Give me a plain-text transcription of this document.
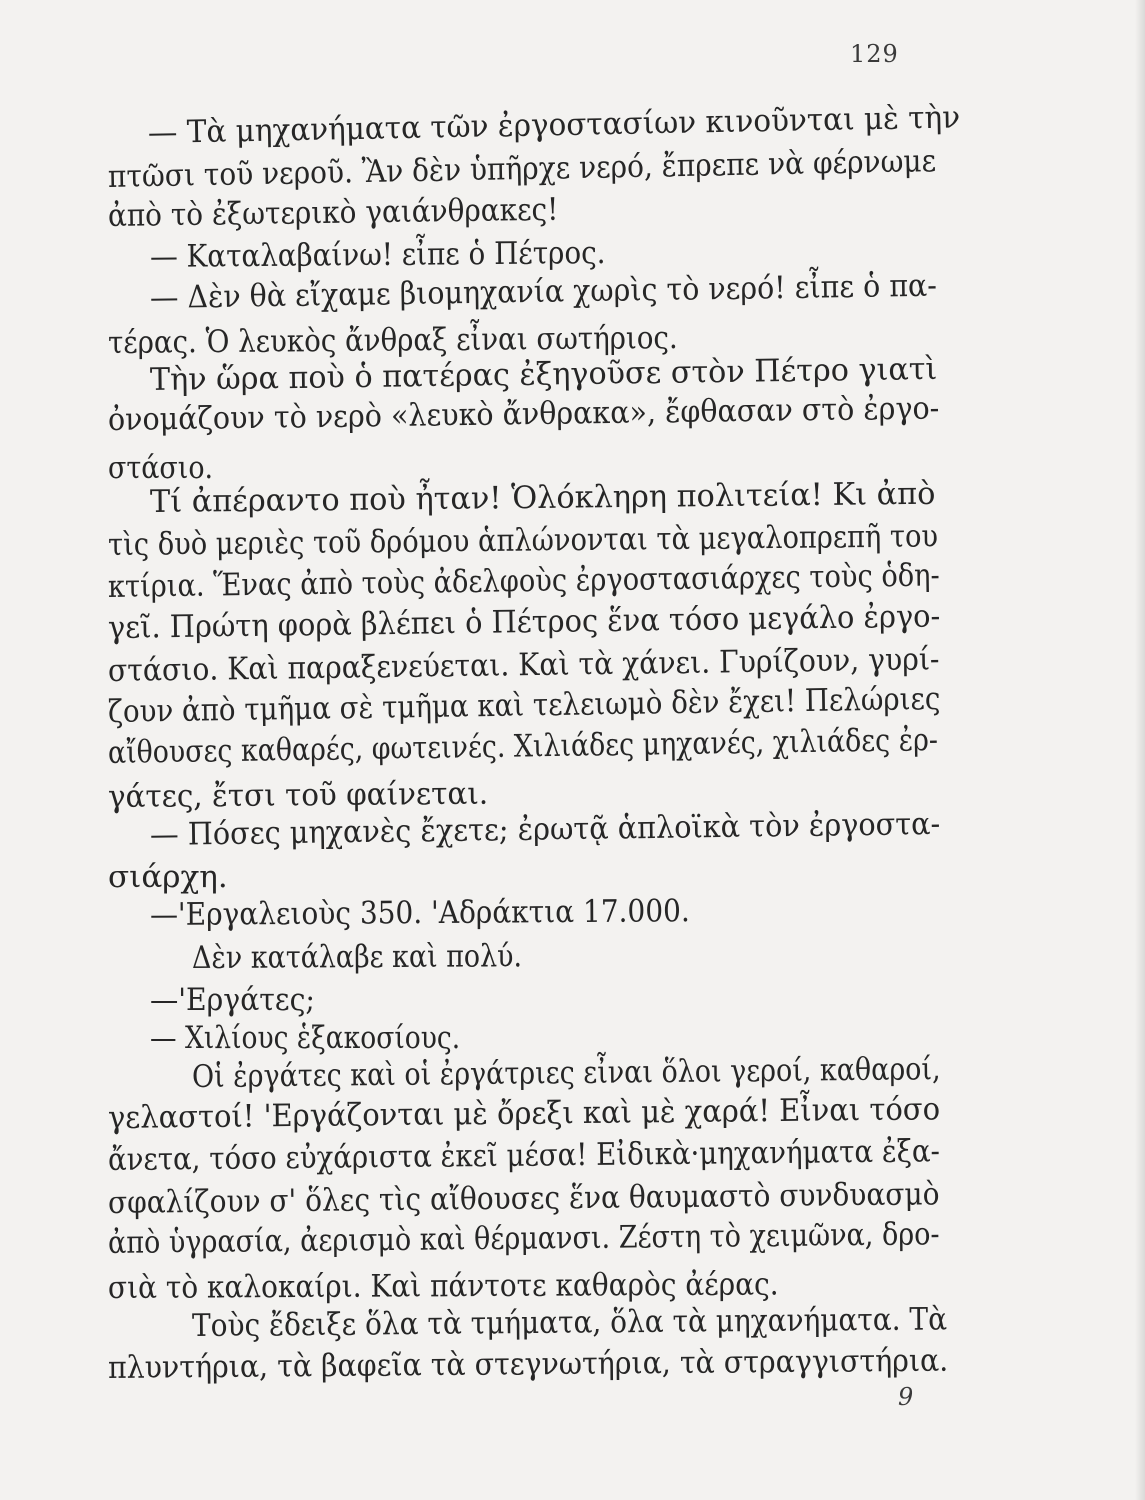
129
— Τὰ μηχανήματα τῶν ἐργοστασίων κινοῦνται μὲ τὴν
πτῶσι τοῦ νεροῦ. Ἂν δὲν ὑπῆρχε νερό, ἔπρεπε νὰ φέρνωμε
ἀπὸ τὸ ἐξωτερικὸ γαιάνθρακες!
— Καταλαβαίνω! εἶπε ὁ Πέτρος.
— Δὲν θὰ εἴχαμε βιομηχανία χωρὶς τὸ νερό! εἶπε ὁ πα-
τέρας. Ὁ λευκὸς ἄνθραξ εἶναι σωτήριος.
Τὴν ὥρα ποὺ ὁ πατέρας ἐξηγοῦσε στὸν Πέτρο γιατὶ
ὀνομάζουν τὸ νερὸ «λευκὸ ἄνθρακα», ἔφθασαν στὸ ἐργο-
στάσιο.
Τί ἀπέραντο ποὺ ἦταν! Ὁλόκληρη πολιτεία! Κι ἀπὸ
τὶς δυὸ μεριὲς τοῦ δρόμου ἁπλώνονται τὰ μεγαλοπρεπῆ του
κτίρια. Ἕνας ἀπὸ τοὺς ἀδελφοὺς ἐργοστασιάρχες τοὺς ὁδη-
γεῖ. Πρώτη φορὰ βλέπει ὁ Πέτρος ἕνα τόσο μεγάλο ἐργο-
στάσιο. Καὶ παραξενεύεται. Καὶ τὰ χάνει. Γυρίζουν, γυρί-
ζουν ἀπὸ τμῆμα σὲ τμῆμα καὶ τελειωμὸ δὲν ἔχει! Πελώριες
αἴθουσες καθαρές, φωτεινές. Χιλιάδες μηχανές, χιλιάδες ἐρ-
γάτες, ἔτσι τοῦ φαίνεται.
— Πόσες μηχανὲς ἔχετε; ἐρωτᾷ ἁπλοϊκὰ τὸν ἐργοστα-
σιάρχη.
—'Εργαλειοὺς 350. 'Αδράκτια 17.000.
Δὲν κατάλαβε καὶ πολύ.
—'Εργάτες;
— Χιλίους ἑξακοσίους.
Οἱ ἐργάτες καὶ οἱ ἐργάτριες εἶναι ὅλοι γεροί, καθαροί,
γελαστοί! 'Εργάζονται μὲ ὄρεξι καὶ μὲ χαρά! Εἶναι τόσο
ἄνετα, τόσο εὐχάριστα ἐκεῖ μέσα! Εἰδικὰ·μηχανήματα ἐξα-
σφαλίζουν σ' ὅλες τὶς αἴθουσες ἕνα θαυμαστὸ συνδυασμὸ
ἀπὸ ὑγρασία, ἀερισμὸ καὶ θέρμανσι. Ζέστη τὸ χειμῶνα, δρο-
σιὰ τὸ καλοκαίρι. Καὶ πάντοτε καθαρὸς ἀέρας.
Τοὺς ἔδειξε ὅλα τὰ τμήματα, ὅλα τὰ μηχανήματα. Τὰ
πλυντήρια, τὰ βαφεῖα τὰ στεγνωτήρια, τὰ στραγγιστήρια.
9
